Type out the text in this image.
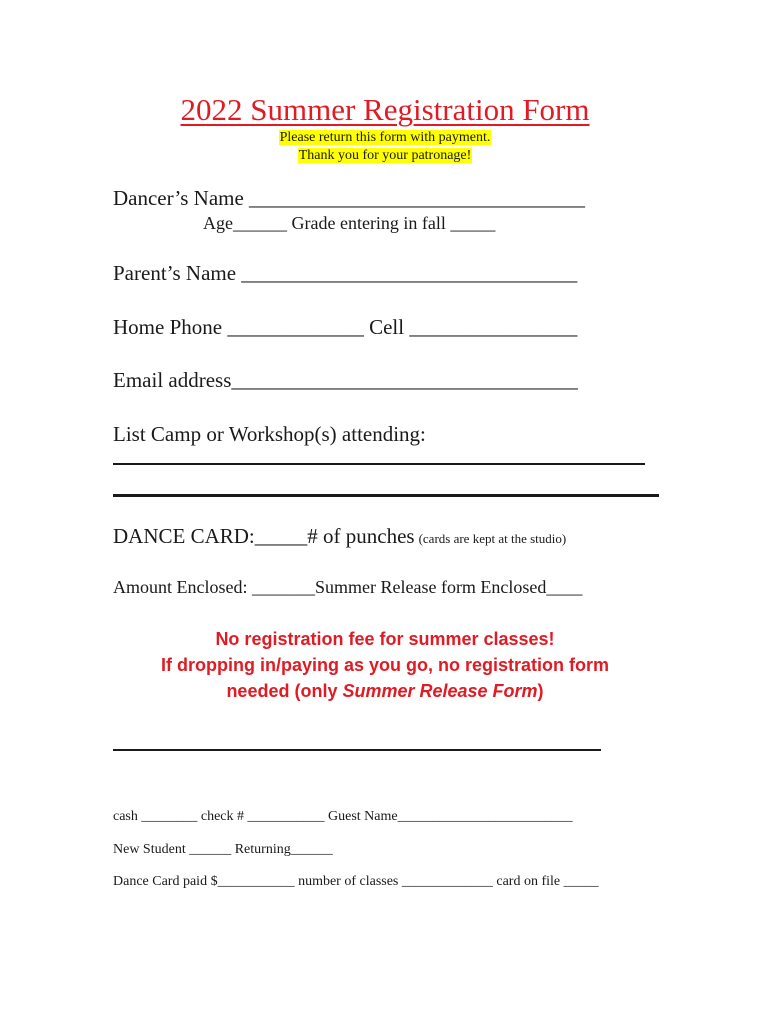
2022 Summer Registration Form
Please return this form with payment.
Thank you for your patronage!
Dancer’s Name ________________________________
Age______ Grade entering in fall _____
Parent’s Name ________________________________
Home Phone _____________ Cell ________________
Email address_________________________________
List Camp or Workshop(s) attending:
DANCE CARD:_____# of punches (cards are kept at the studio)
Amount Enclosed: _______Summer Release form Enclosed____
No registration fee for summer classes!
If dropping in/paying as you go, no registration form
needed (only Summer Release Form)
cash ________ check # ___________ Guest Name_________________________
New Student ______ Returning______
Dance Card paid $___________ number of classes _____________ card on file _____
